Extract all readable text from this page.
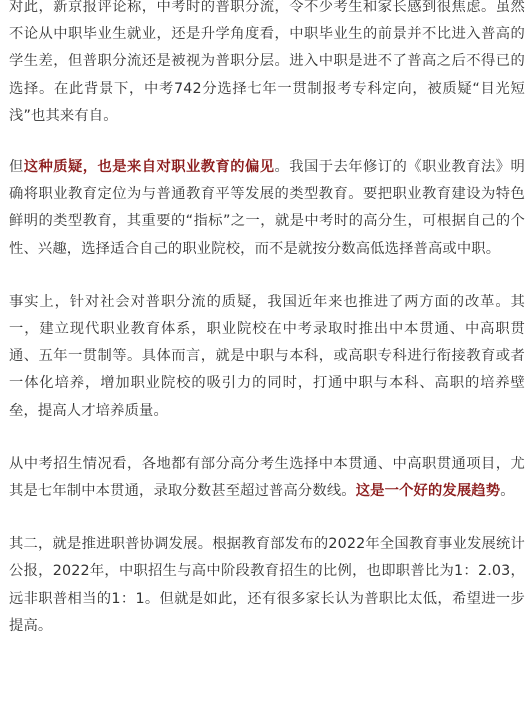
对此，新京报评论称，中考时的普职分流，令不少考生和家长感到很焦虑。虽然不论从中职毕业生就业，还是升学角度看，中职毕业生的前景并不比进入普高的学生差，但普职分流还是被视为普职分层。进入中职是进不了普高之后不得已的选择。在此背景下，中考742分选择七年一贯制报考专科定向，被质疑“目光短浅”也其来有自。

但这种质疑，也是来自对职业教育的偏见。我国于去年修订的《职业教育法》明确将职业教育定位为与普通教育平等发展的类型教育。要把职业教育建设为特色鲜明的类型教育，其重要的“指标”之一，就是中考时的高分生，可根据自己的个性、兴趣，选择适合自己的职业院校，而不是就按分数高低选择普高或中职。

事实上，针对社会对普职分流的质疑，我国近年来也推进了两方面的改革。其一，建立现代职业教育体系，职业院校在中考录取时推出中本贯通、中高职贯通、五年一贯制等。具体而言，就是中职与本科，或高职专科进行衔接教育或者一体化培养，增加职业院校的吸引力的同时，打通中职与本科、高职的培养壁垒，提高人才培养质量。

从中考招生情况看，各地都有部分高分考生选择中本贯通、中高职贯通项目，尤其是七年制中本贯通，录取分数甚至超过普高分数线。这是一个好的发展趋势。

其二，就是推进职普协调发展。根据教育部发布的2022年全国教育事业发展统计公报，2022年，中职招生与高中阶段教育招生的比例，也即职普比为1：2.03，远非职普相当的1：1。但就是如此，还有很多家长认为普职比太低，希望进一步提高。
